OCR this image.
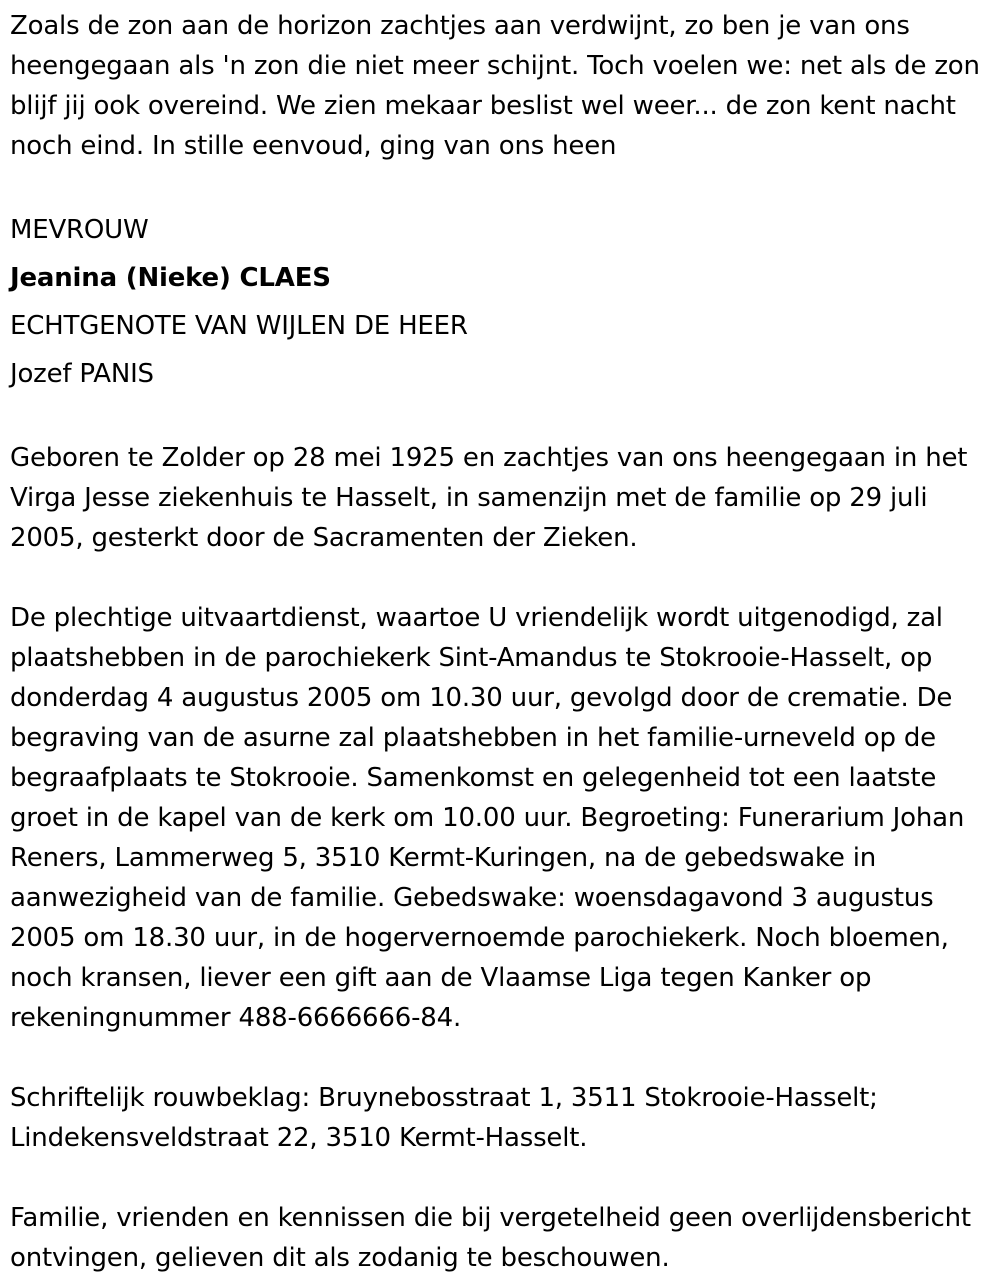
Zoals de zon aan de horizon zachtjes aan verdwijnt, zo ben je van ons heengegaan als 'n zon die niet meer schijnt. Toch voelen we: net als de zon blijf jij ook overeind. We zien mekaar beslist wel weer... de zon kent nacht noch eind. In stille eenvoud, ging van ons heen

MEVROUW

Jeanina (Nieke) CLAES

ECHTGENOTE VAN WIJLEN DE HEER

Jozef PANIS

Geboren te Zolder op 28 mei 1925 en zachtjes van ons heengegaan in het Virga Jesse ziekenhuis te Hasselt, in samenzijn met de familie op 29 juli 2005, gesterkt door de Sacramenten der Zieken.

De plechtige uitvaartdienst, waartoe U vriendelijk wordt uitgenodigd, zal plaatshebben in de parochiekerk Sint-Amandus te Stokrooie-Hasselt, op donderdag 4 augustus 2005 om 10.30 uur, gevolgd door de crematie. De begraving van de asurne zal plaatshebben in het familie-urneveld op de begraafplaats te Stokrooie. Samenkomst en gelegenheid tot een laatste groet in de kapel van de kerk om 10.00 uur. Begroeting: Funerarium Johan Reners, Lammerweg 5, 3510 Kermt-Kuringen, na de gebedswake in aanwezigheid van de familie. Gebedswake: woensdagavond 3 augustus 2005 om 18.30 uur, in de hogervernoemde parochiekerk. Noch bloemen, noch kransen, liever een gift aan de Vlaamse Liga tegen Kanker op rekeningnummer 488-6666666-84.

Schriftelijk rouwbeklag: Bruynebosstraat 1, 3511 Stokrooie-Hasselt; Lindekensveldstraat 22, 3510 Kermt-Hasselt.

Familie, vrienden en kennissen die bij vergetelheid geen overlijdensbericht ontvingen, gelieven dit als zodanig te beschouwen.
